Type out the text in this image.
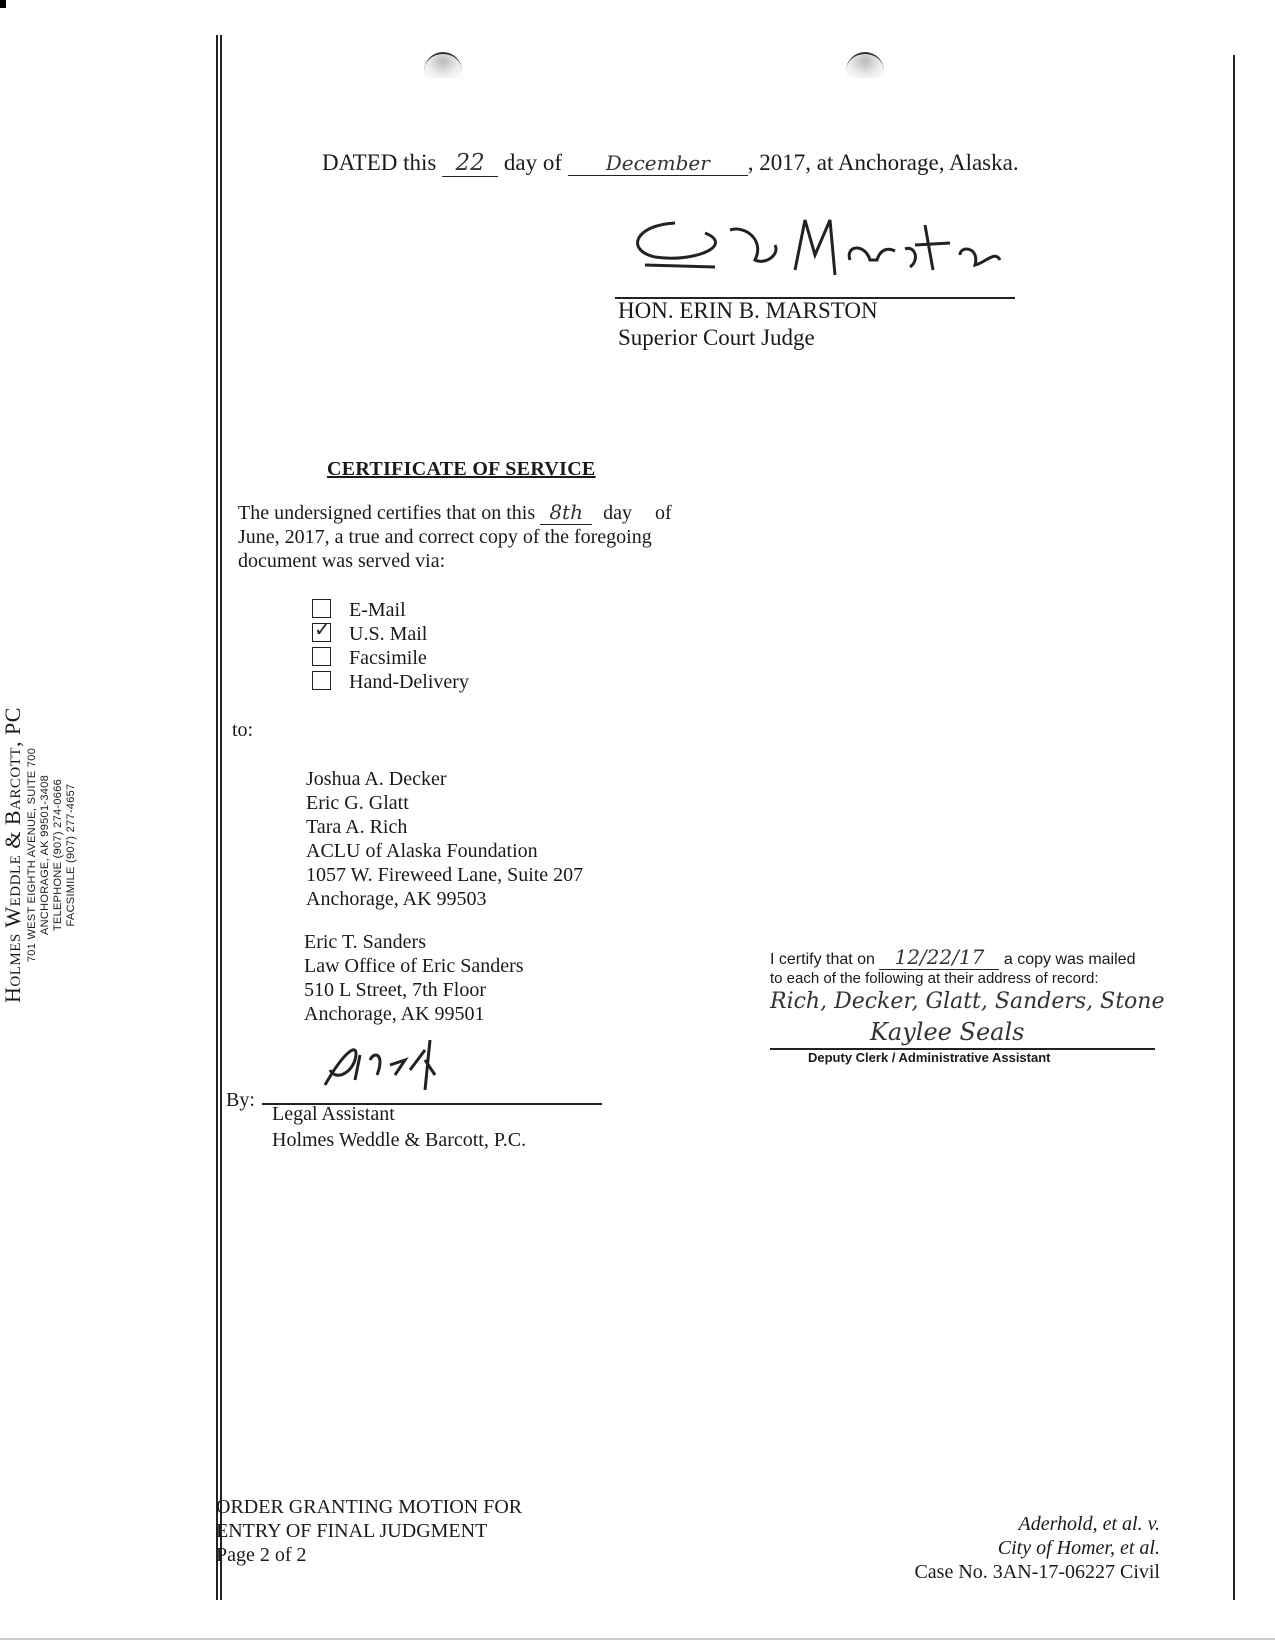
Holmes Weddle & Barcott, PC 701 WEST EIGHTH AVENUE, SUITE 700 ANCHORAGE, AK 99501-3408 TELEPHONE (907) 274-0666 FACSIMILE (907) 277-4657
DATED this 22 day of December , 2017, at Anchorage, Alaska.
HON. ERIN B. MARSTON
Superior Court Judge
CERTIFICATE OF SERVICE
The undersigned certifies that on this 8th day of
June, 2017, a true and correct copy of the foregoing
document was served via:
E-Mail
✓U.S. Mail
Facsimile
Hand-Delivery
to:
Joshua A. Decker
Eric G. Glatt
Tara A. Rich
ACLU of Alaska Foundation
1057 W. Fireweed Lane, Suite 207
Anchorage, AK 99503
Eric T. Sanders
Law Office of Eric Sanders
510 L Street, 7th Floor
Anchorage, AK 99501
By:
Legal Assistant
Holmes Weddle & Barcott, P.C.
I certify that on 12/22/17 a copy was mailed
to each of the following at their address of record:
Rich, Decker, Glatt, Sanders, Stone
Kaylee Seals
Deputy Clerk / Administrative Assistant
ORDER GRANTING MOTION FOR
ENTRY OF FINAL JUDGMENT
Page 2 of 2
Aderhold, et al. v.
City of Homer, et al.
Case No. 3AN-17-06227 Civil
